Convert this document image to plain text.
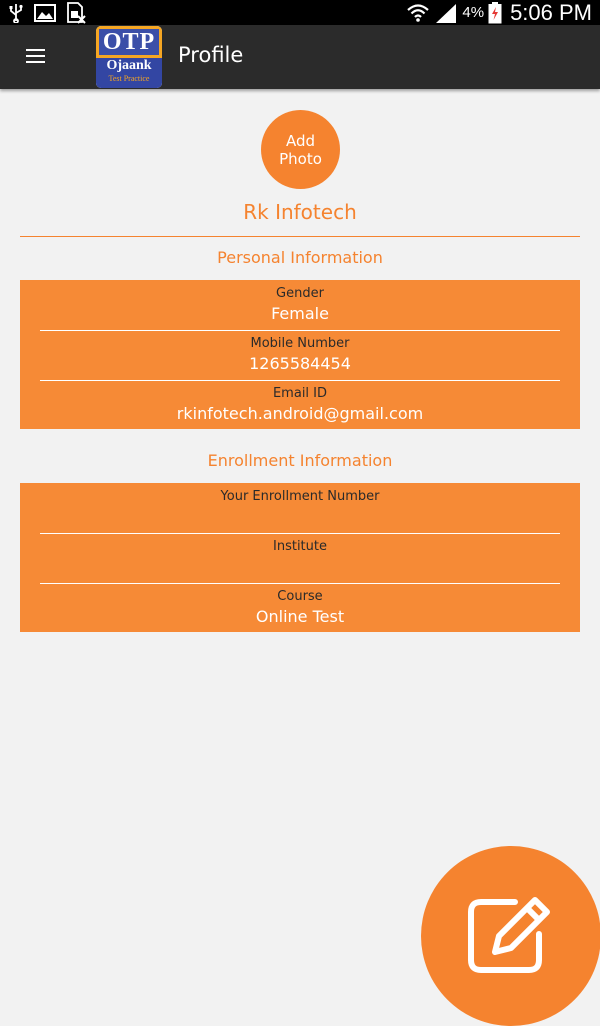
4% 5:06 PM
OTP
Ojaank
Test Practice
Profile
Add
Photo
Rk Infotech
Personal Information
Gender
Female
Mobile Number
1265584454
Email ID
rkinfotech.android@gmail.com
Enrollment Information
Your Enrollment Number
Institute
Course
Online Test
